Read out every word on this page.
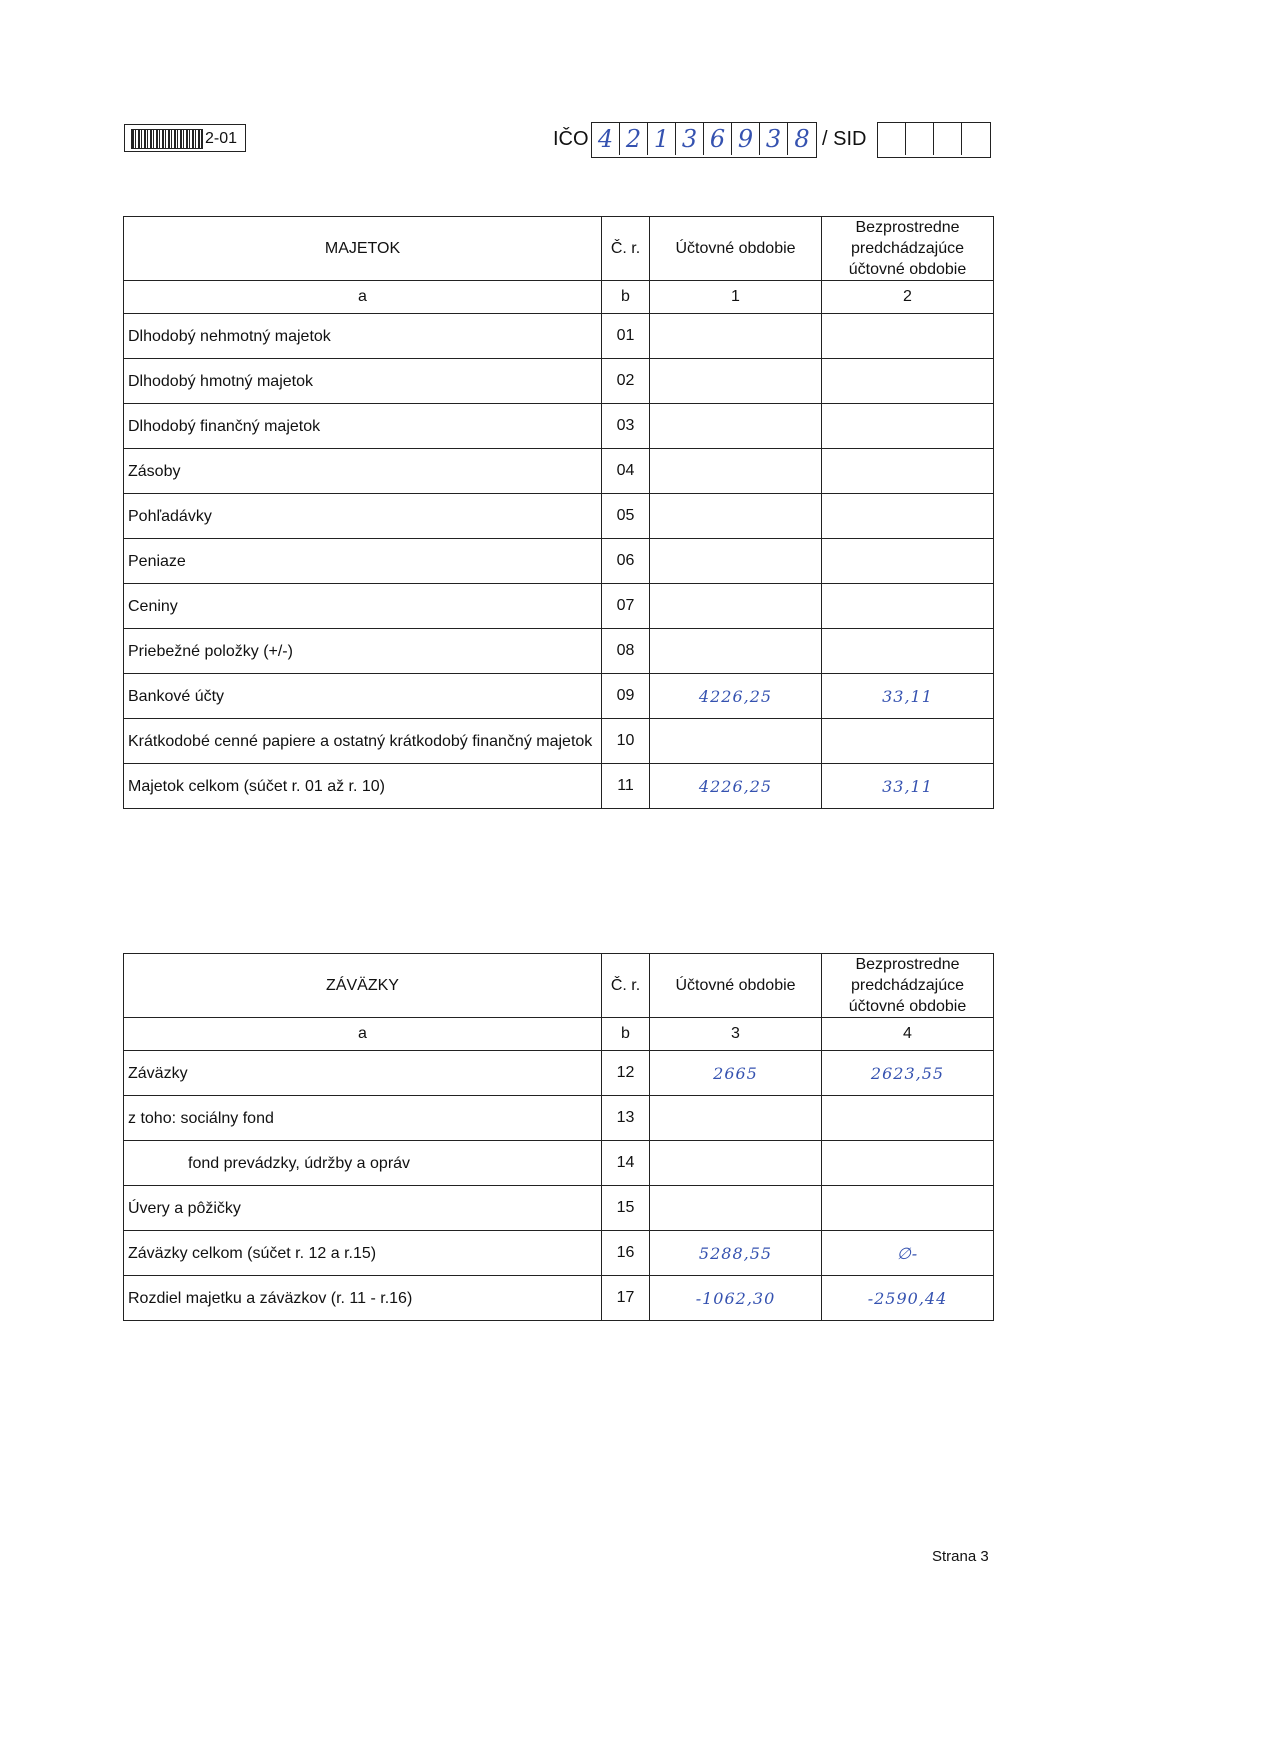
2-01	IČO 4 2 1 3 6 9 3 8 / SID
MAJETOK	Č. r.	Účtovné obdobie	Bezprostredne predchádzajúce účtovné obdobie
a	b	1	2
Dlhodobý nehmotný majetok	01		
Dlhodobý hmotný majetok	02		
Dlhodobý finančný majetok	03		
Zásoby	04		
Pohľadávky	05		
Peniaze	06		
Ceniny	07		
Priebežné položky (+/-)	08		
Bankové účty	09	4226,25	33,11
Krátkodobé cenné papiere a ostatný krátkodobý finančný majetok	10		
Majetok celkom (súčet r. 01 až r. 10)	11	4226,25	33,11
ZÁVÄZKY	Č. r.	Účtovné obdobie	Bezprostredne predchádzajúce účtovné obdobie
a	b	3	4
Záväzky	12	2665	2623,55
z toho: sociálny fond	13		
fond prevádzky, údržby a opráv	14		
Úvery a pôžičky	15		
Záväzky celkom (súčet r. 12 a r.15)	16	5288,55	∅-
Rozdiel majetku a záväzkov (r. 11 - r.16)	17	-1062,30	-2590,44
Strana 3
